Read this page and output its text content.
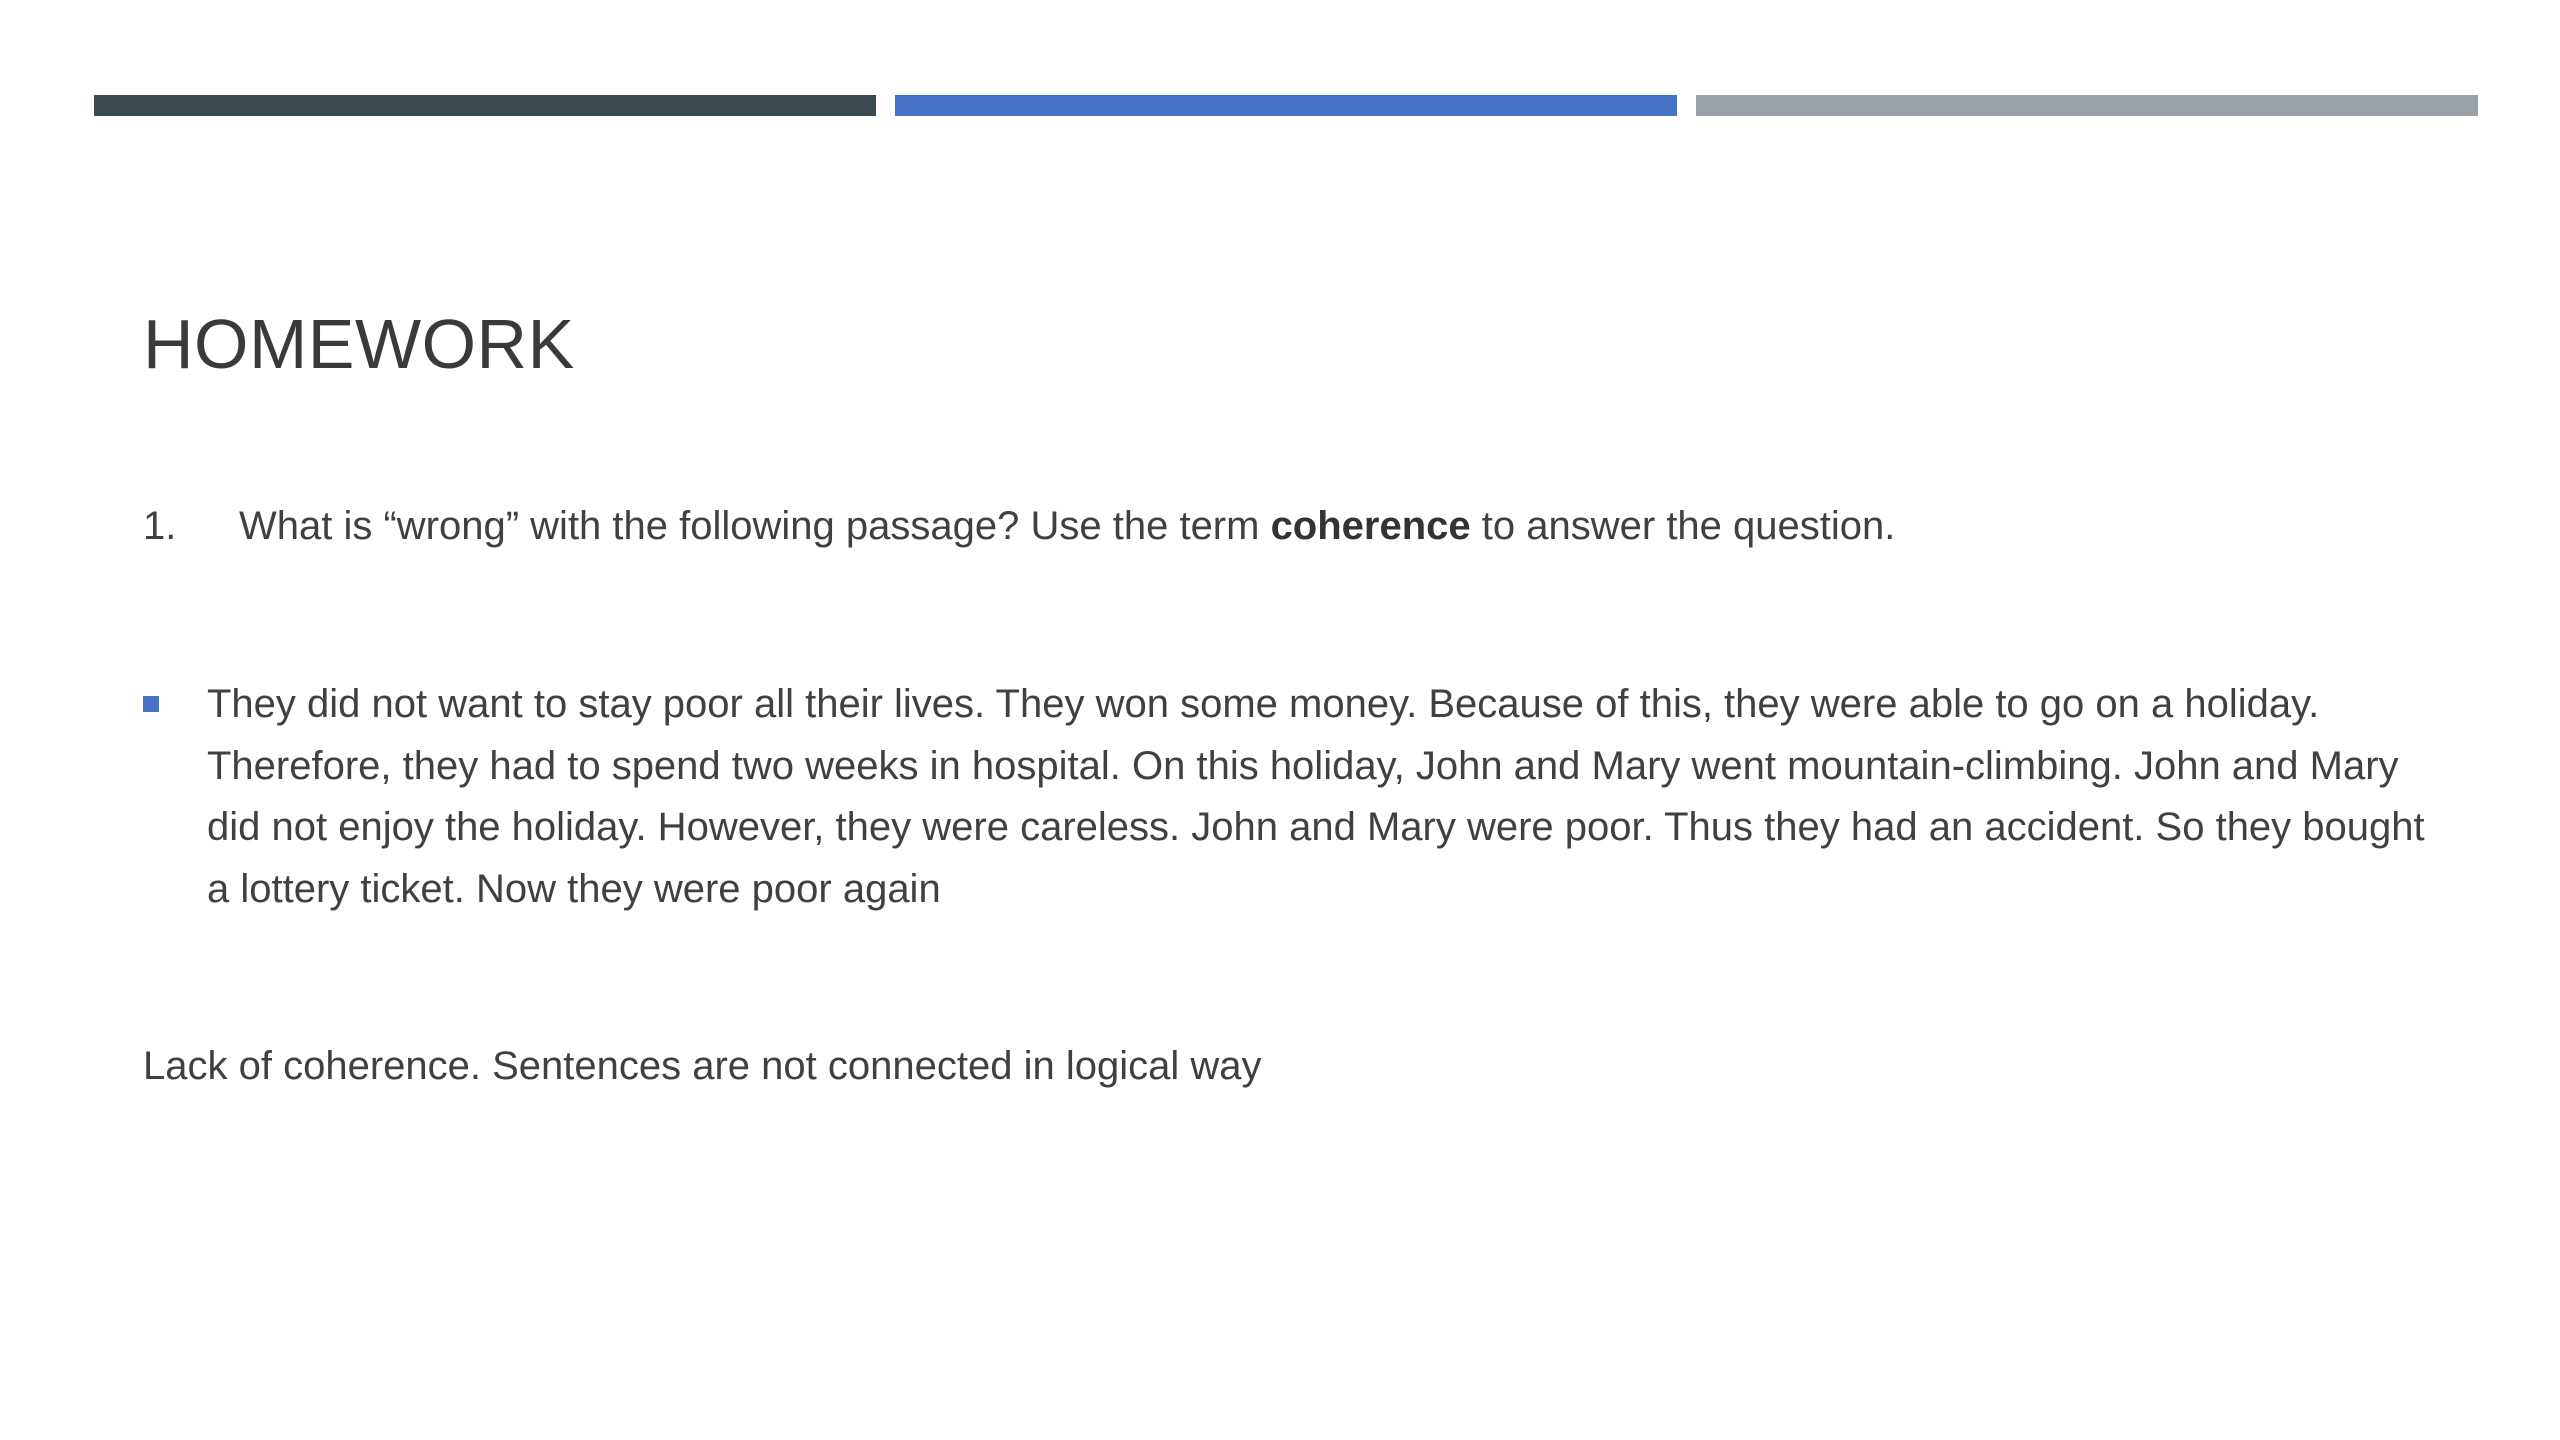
HOMEWORK
1.	What is “wrong” with the following passage? Use the term coherence to answer the question.

They did not want to stay poor all their lives. They won some money. Because of this, they were able to go on a holiday. Therefore, they had to spend two weeks in hospital. On this holiday, John and Mary went mountain-climbing. John and Mary did not enjoy the holiday. However, they were careless. John and Mary were poor. Thus they had an accident. So they bought a lottery ticket. Now they were poor again

Lack of coherence. Sentences are not connected in logical way
